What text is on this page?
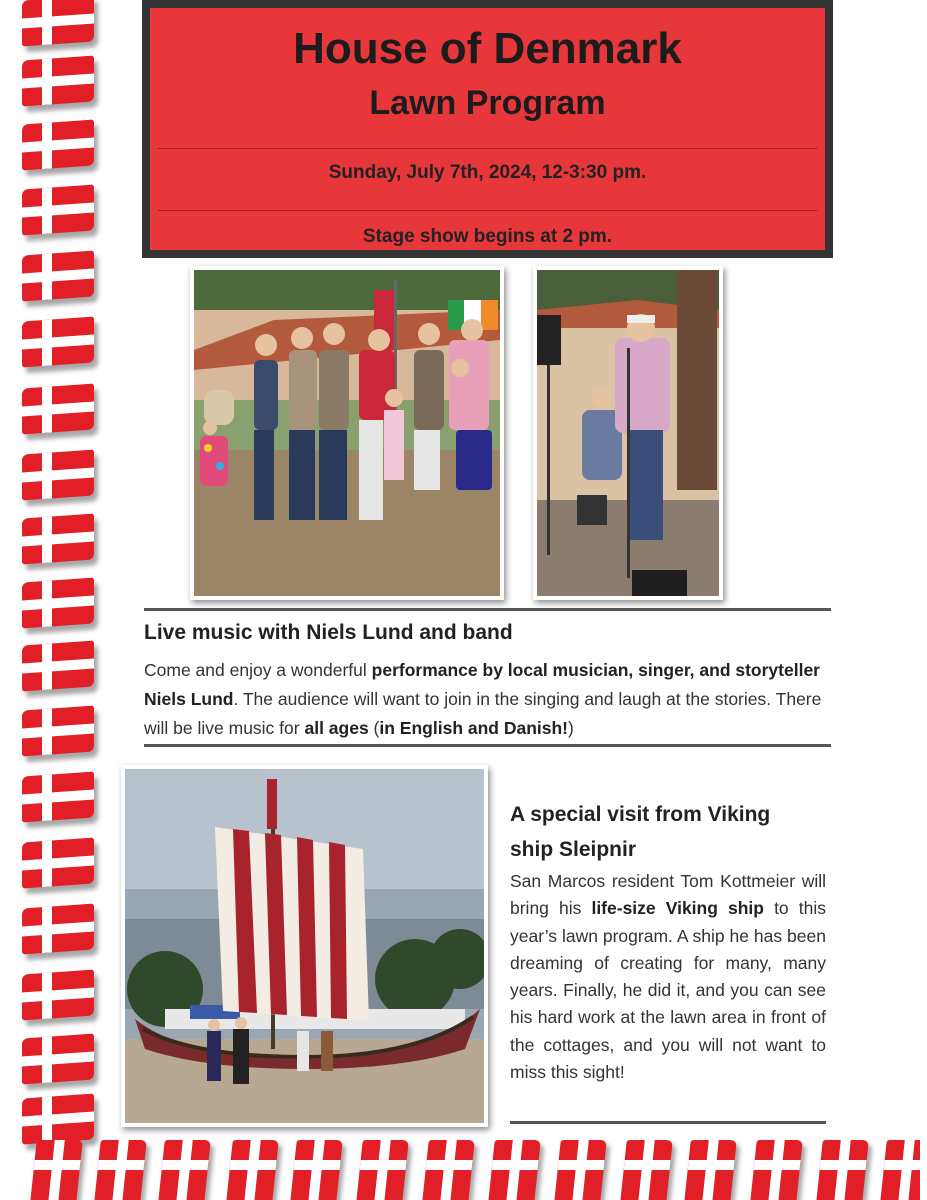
House of Denmark
Lawn Program
Sunday, July 7th, 2024, 12-3:30 pm.
Stage show begins at 2 pm.
Live music with Niels Lund and band
Come and enjoy a wonderful performance by local musician, singer, and storyteller Niels Lund. The audience will want to join in the singing and laugh at the stories. There will be live music for all ages (in English and Danish!)
A special visit from Viking
ship Sleipnir
San Marcos resident Tom Kottmeier will bring his life-size Viking ship to this year’s lawn program. A ship he has been dreaming of creating for many, many years. Finally, he did it, and you can see his hard work at the lawn area in front of the cottages, and you will not want to miss this sight!
